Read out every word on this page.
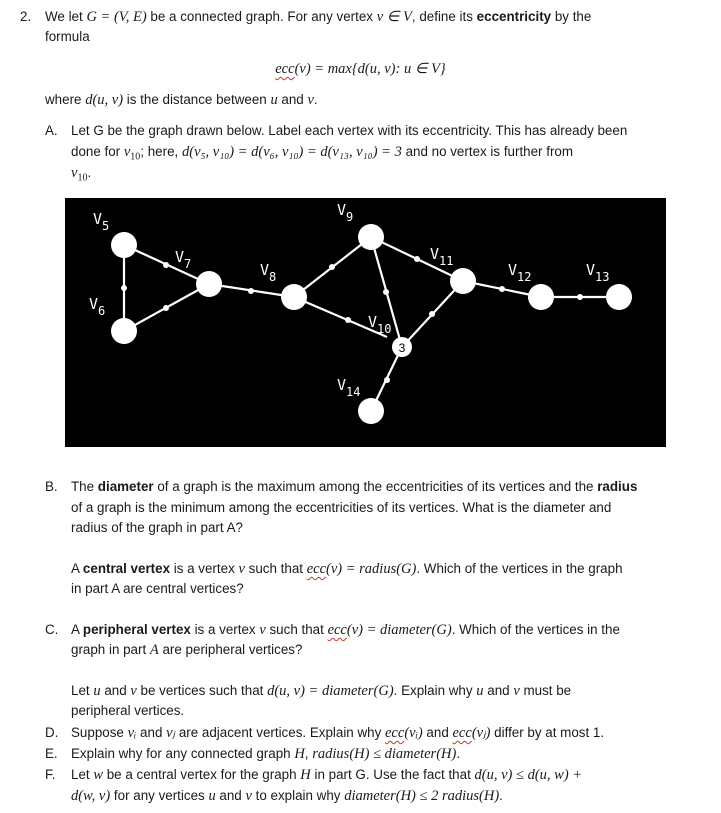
2. We let G = (V, E) be a connected graph. For any vertex v ∈ V, define its eccentricity by the
formula
ecc(v) = max{d(u, v): u ∈ V}
where d(u, v) is the distance between u and v.
A. Let G be the graph drawn below. Label each vertex with its eccentricity. This has already been
done for $v_{10}$; here, d(v₅, v₁₀) = d(v₆, v₁₀) = d(v₁₃, v₁₀) = 3 and no vertex is further from
$v_{10}$.
3
$V_5$
$V_6$
$V_7$	$V_8$
$V_9$
$V_{10}$
$V_{11}$	$V_{12}$	$V_{13}$
$V_{14}$
B. The diameter of a graph is the maximum among the eccentricities of its vertices and the radius
of a graph is the minimum among the eccentricities of its vertices. What is the diameter and
radius of the graph in part A?
A central vertex is a vertex v such that ecc(v) = radius(G). Which of the vertices in the graph
in part A are central vertices?
C. A peripheral vertex is a vertex v such that ecc(v) = diameter(G). Which of the vertices in the
graph in part A are peripheral vertices?
Let u and v be vertices such that d(u, v) = diameter(G). Explain why u and v must be
peripheral vertices.
D. Suppose vᵢ and vⱼ are adjacent vertices. Explain why ecc(vᵢ) and ecc(vⱼ) differ by at most 1.
E. Explain why for any connected graph H, radius(H) ≤ diameter(H).
F. Let w be a central vertex for the graph H in part G. Use the fact that d(u, v) ≤ d(u, w) +
d(w, v) for any vertices u and v to explain why diameter(H) ≤ 2 radius(H).
